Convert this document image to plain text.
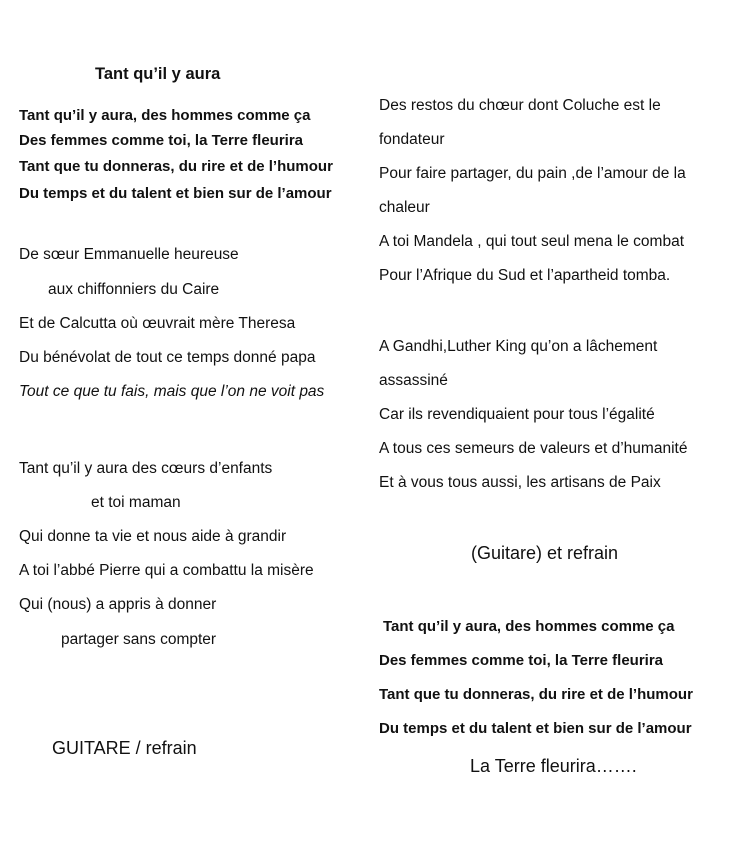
Tant qu’il y aura
Tant qu’il y aura, des hommes comme ça
Des femmes comme toi, la Terre fleurira
Tant que tu donneras, du rire et de l’humour
Du temps et du talent et bien sur de l’amour
De sœur Emmanuelle heureuse
aux chiffonniers du Caire
Et de Calcutta où œuvrait mère Theresa
Du bénévolat de tout ce temps donné papa
Tout ce que tu fais, mais que l’on ne voit pas
Tant qu’il y aura des cœurs d’enfants
et toi maman
Qui donne ta vie et nous aide à grandir
A toi l’abbé Pierre qui a combattu la misère
Qui (nous) a appris à donner
partager sans compter
GUITARE / refrain
Des restos du chœur dont Coluche est le
fondateur
Pour faire partager, du pain ,de l’amour de la
chaleur
A toi Mandela , qui tout seul mena le combat
Pour l’Afrique du Sud et l’apartheid tomba.
A Gandhi,Luther King qu’on a lâchement
assassiné
Car ils revendiquaient pour tous l’égalité
A tous ces semeurs de valeurs et d’humanité
Et à vous tous aussi, les artisans de Paix
(Guitare) et refrain
Tant qu’il y aura, des hommes comme ça
Des femmes comme toi, la Terre fleurira
Tant que tu donneras, du rire et de l’humour
Du temps et du talent et bien sur de l’amour
La Terre fleurira…….
